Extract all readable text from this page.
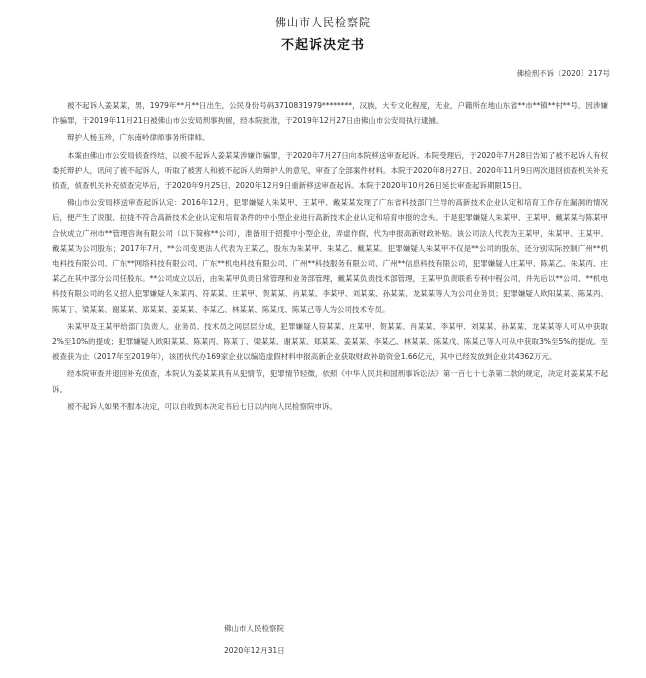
佛山市人民检察院
不起诉决定书
佛检刑不诉〔2020〕217号

被不起诉人姜某某，男，1979年**月**日出生，公民身份号码3710831979********，汉族，大专文化程度，无业，户籍所在地山东省**市**镇**村**号。因涉嫌诈骗罪，于2019年11月21日被佛山市公安局刑事拘留，经本院批准，于2019年12月27日由佛山市公安局执行逮捕。

辩护人杨玉珍，广东南岭律师事务所律师。

本案由佛山市公安局侦查终结，以被不起诉人姜某某涉嫌诈骗罪，于2020年7月27日向本院移送审查起诉。本院受理后，于2020年7月28日告知了被不起诉人有权委托辩护人，讯问了被不起诉人，听取了被害人和被不起诉人的辩护人的意见，审查了全部案件材料。本院于2020年8月27日、2020年11月9日两次退回侦查机关补充侦查，侦查机关补充侦查完毕后，于2020年9月25日、2020年12月9日重新移送审查起诉。本院于2020年10月26日延长审查起诉期限15日。

佛山市公安局移送审查起诉认定：2016年12月，犯罪嫌疑人朱某甲、王某甲、戴某某发现了广东省科技部门兰导的高新技术企业认定和培育工作存在漏洞的情况后，便产生了说服、拉拢不符合高新技术企业认定和培育条件的中小型企业进行高新技术企业认定和培育申报的念头。于是犯罪嫌疑人朱某甲、王某甲、戴某某与陈某甲合伙成立广州市**管理咨询有限公司（以下简称**公司），准备用于招揽中小型企业，弄虚作假，代为申报高新财政补贴。该公司法人代表为王某甲，朱某甲、王某甲、戴某某为公司股东；2017年7月，**公司变更法人代表为王某乙，股东为朱某甲、朱某乙、戴某某。犯罪嫌疑人朱某甲不仅是**公司的股东，还分别实际控制广州**机电科技有限公司、广东**网络科技有限公司、广东**机电科技有限公司、广州**科技服务有限公司、广州**信息科技有限公司，犯罪嫌疑人庄某甲、陈某乙、朱某丙、庄某乙在其中部分公司任股东。**公司成立以后，由朱某甲负责日常管理和业务部管理，戴某某负责技术部管理，王某甲负责联系专利中程公司，并先后以**公司、**机电科技有限公司的名义招入犯罪嫌疑人朱某丙、符某某、庄某甲、贺某某、肖某某、李某甲、刘某某、孙某某、龙某某等人为公司业务员；犯罪嫌疑人欧阳某某、陈某丙、陈某丁、梁某某、谢某某、郑某某、姜某某、李某乙、林某某、陈某戊、陈某己等人为公司技术专员。

朱某甲及王某甲给部门负责人、业务员、技术员之间层层分成，犯罪嫌疑人符某某、庄某甲、贺某某、肖某某、李某甲、刘某某、孙某某、龙某某等人可从中获取2%至10%的提成；犯罪嫌疑人欧阳某某、陈某丙、陈某丁、梁某某、谢某某、郑某某、姜某某、李某乙、林某某、陈某戊、陈某己等人可从中获取3%至5%的提成。至被查获为止（2017年至2019年），该团伙代办169家企业以编造虚假材料申报高新企业获取财政补助资金1.66亿元，其中已经发放到企业共4362万元。

经本院审查并退回补充侦查，本院认为姜某某具有从犯情节，犯罪情节轻微，依照《中华人民共和国刑事诉讼法》第一百七十七条第二款的规定，决定对姜某某不起诉。

被不起诉人如果不服本决定，可以自收到本决定书后七日以内向人民检察院申诉。

佛山市人民检察院
2020年12月31日
